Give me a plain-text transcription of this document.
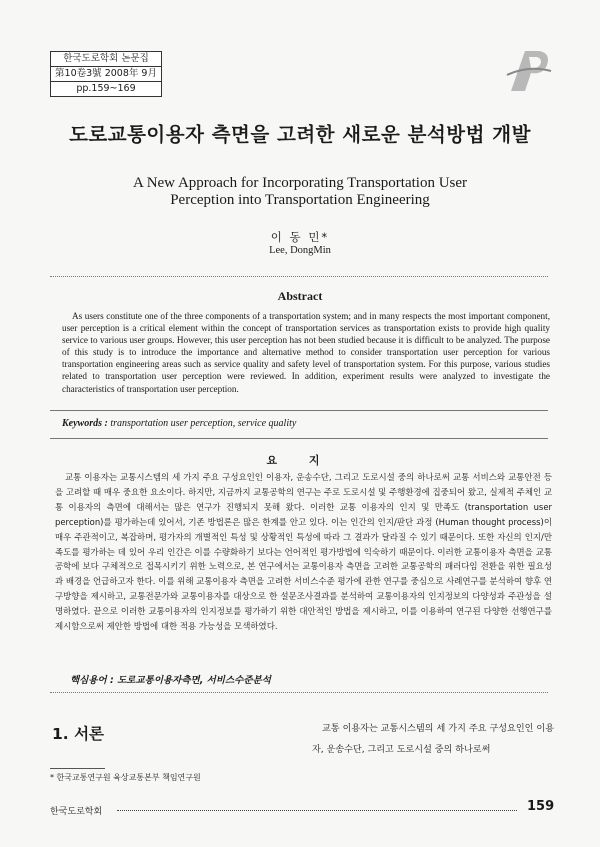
한국도로학회 논문집
第10卷3號 2008年 9月
pp.159~169
도로교통이용자 측면을 고려한 새로운 분석방법 개발
A New Approach for Incorporating Transportation User Perception into Transportation Engineering
이 동 민*
Lee, DongMin
Abstract

As users constitute one of the three components of a transportation system; and in many respects the most important component, user perception is a critical element within the concept of transportation services as transportation exists to provide high quality service to various user groups. However, this user perception has not been studied because it is difficult to be analyzed. The purpose of this study is to introduce the importance and alternative method to consider transportation user perception for various transportation engineering areas such as service quality and safety level of transportation system. For this purpose, various studies related to transportation user perception were reviewed. In addition, experiment results were analyzed to investigate the characteristics of transportation user perception.

Keywords : transportation user perception, service quality
요 지

교통 이용자는 교통시스템의 세 가지 주요 구성요인인 이용자, 운송수단, 그리고 도로시설 중의 하나로써 교통 서비스와 교통안전 등을 고려할 때 매우 중요한 요소이다. 하지만, 지금까지 교통공학의 연구는 주로 도로시설 및 주행환경에 집중되어 왔고, 실제적 주체인 교통 이용자의 측면에 대해서는 많은 연구가 진행되지 못해 왔다. 이러한 교통 이용자의 인지 및 만족도 (transportation user perception)를 평가하는데 있어서, 기존 방법론은 많은 한계를 안고 있다. 이는 인간의 인지/판단 과정 (Human thought process)이 매우 주관적이고, 복잡하며, 평가자의 개별적인 특성 및 상황적인 특성에 따라 그 결과가 달라질 수 있기 때문이다. 또한 자신의 인지/만족도를 평가하는 데 있어 우리 인간은 이를 수량화하기 보다는 언어적인 평가방법에 익숙하기 때문이다. 이러한 교통이용자 측면을 교통공학에 보다 구체적으로 접목시키기 위한 노력으로, 본 연구에서는 교통이용자 측면을 고려한 교통공학의 패러다임 전환을 위한 필요성과 배경을 언급하고자 한다. 이를 위해 교통이용자 측면을 고려한 서비스수준 평가에 관한 연구를 중심으로 사례연구를 분석하여 향후 연구방향을 제시하고, 교통전문가와 교통이용자를 대상으로 한 설문조사결과를 분석하여 교통이용자의 인지정보의 다양성과 주관성을 설명하였다. 끝으로 이러한 교통이용자의 인지정보를 평가하기 위한 대안적인 방법을 제시하고, 이를 이용하여 연구된 다양한 선행연구를 제시함으로써 제안한 방법에 대한 적용 가능성을 모색하였다.

핵심용어 : 도로교통이용자측면, 서비스수준분석
1. 서론	교통 이용자는 교통시스템의 세 가지 주요 구성요인인 이용자, 운송수단, 그리고 도로시설 중의 하나로써

* 한국교통연구원 육상교통본부 책임연구원
한국도로학회	159
